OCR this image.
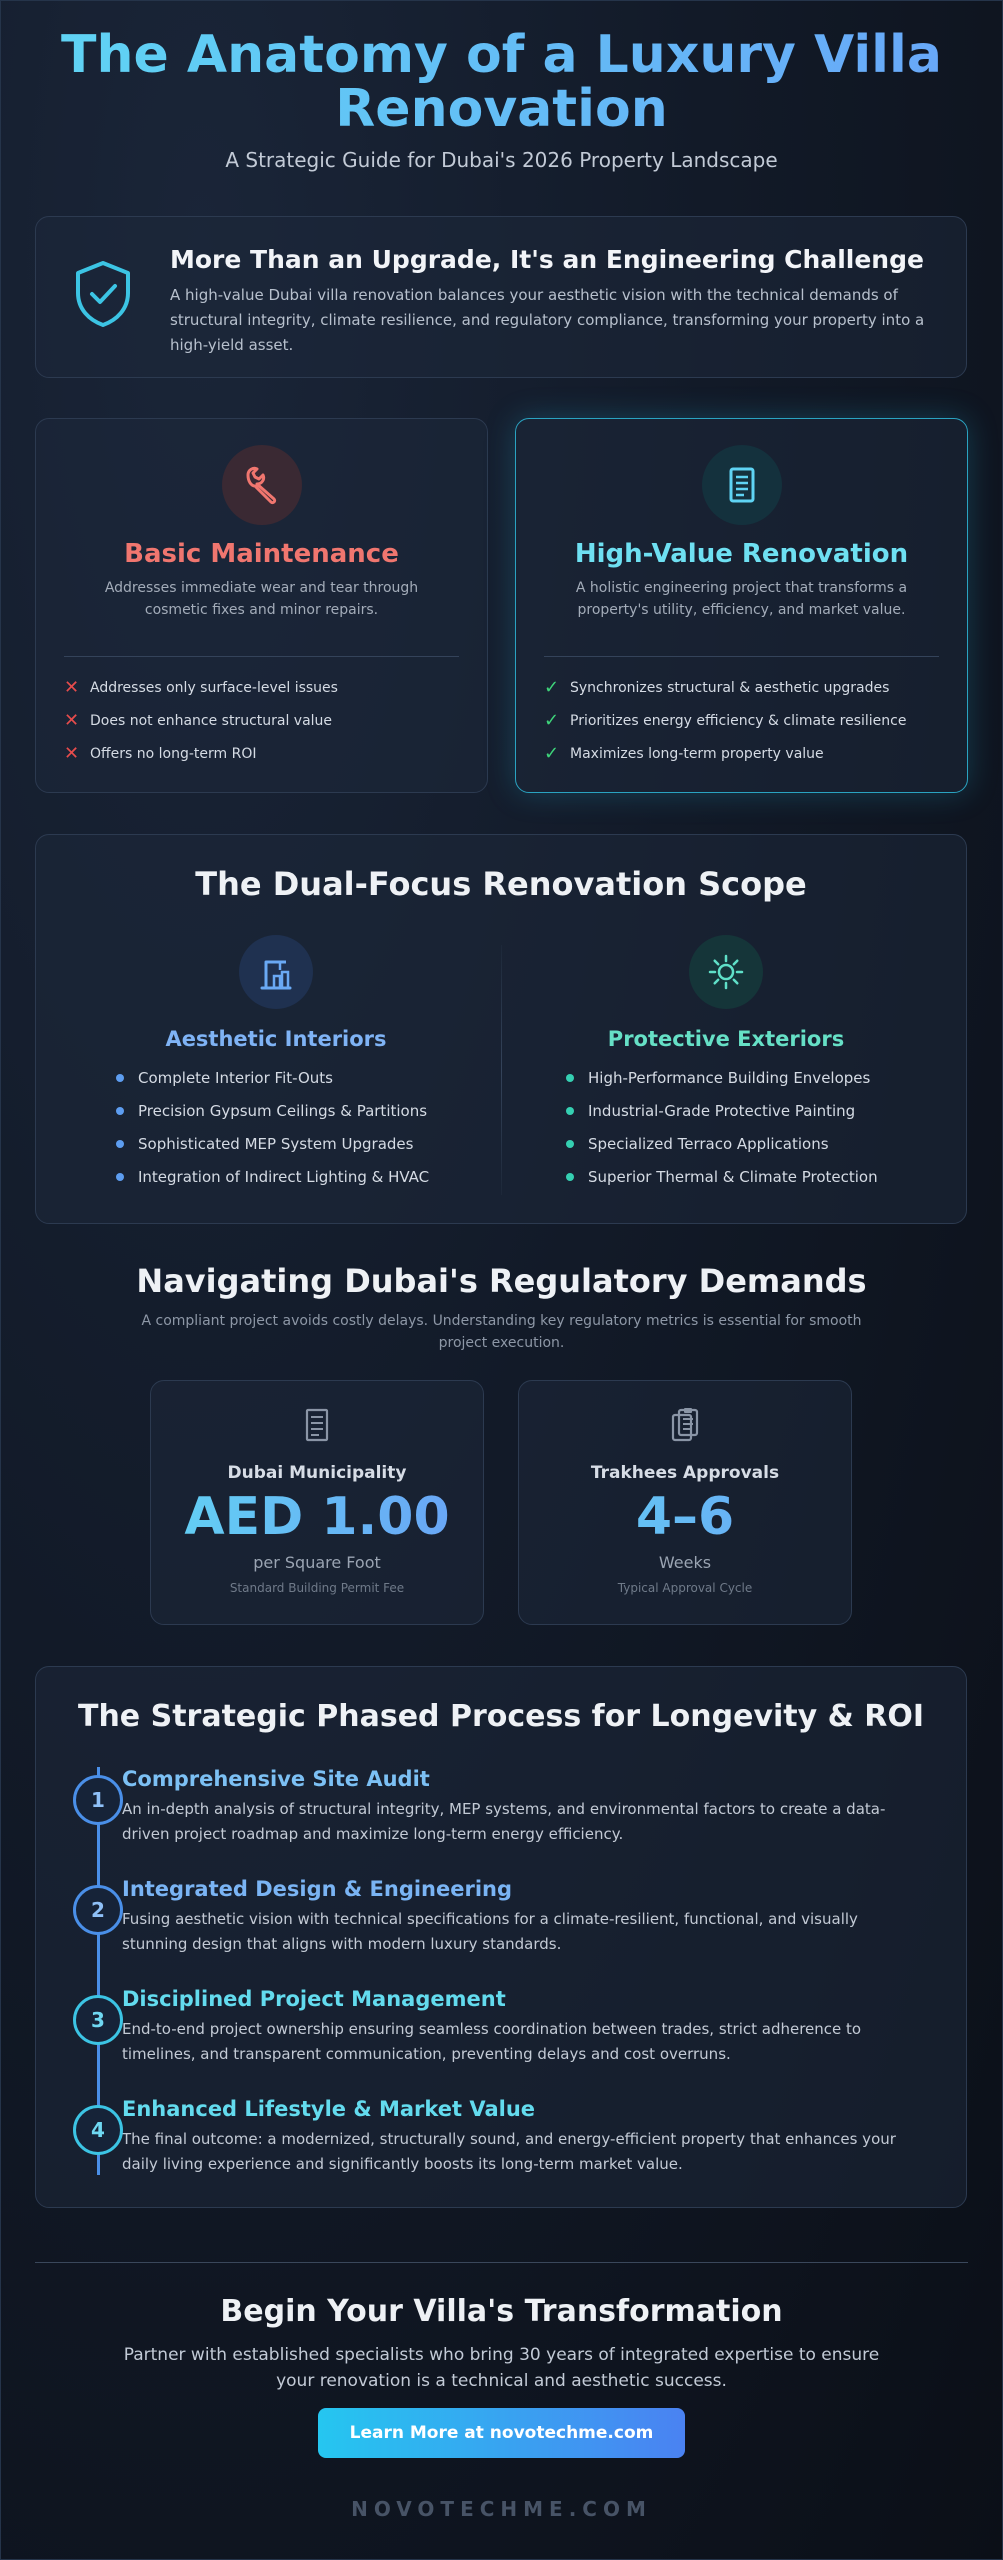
The Anatomy of a Luxury Villa Renovation
A Strategic Guide for Dubai's 2026 Property Landscape
More Than an Upgrade, It's an Engineering Challenge

A high-value Dubai villa renovation balances your aesthetic vision with the technical demands of structural integrity, climate resilience, and regulatory compliance, transforming your property into a high-yield asset.

Basic Maintenance
Addresses immediate wear and tear through cosmetic fixes and minor repairs.
✕ Addresses only surface-level issues
✕ Does not enhance structural value
✕ Offers no long-term ROI
High-Value Renovation
A holistic engineering project that transforms a property's utility, efficiency, and market value.
✓ Synchronizes structural & aesthetic upgrades
✓ Prioritizes energy efficiency & climate resilience
✓ Maximizes long-term property value
The Dual-Focus Renovation Scope
Aesthetic Interiors
Complete Interior Fit-Outs
Precision Gypsum Ceilings & Partitions
Sophisticated MEP System Upgrades
Integration of Indirect Lighting & HVAC
Protective Exteriors
High-Performance Building Envelopes
Industrial-Grade Protective Painting
Specialized Terraco Applications
Superior Thermal & Climate Protection
Navigating Dubai's Regulatory Demands

A compliant project avoids costly delays. Understanding key regulatory metrics is essential for smooth project execution.

Dubai Municipality
AED 1.00
per Square Foot
Standard Building Permit Fee
Trakhees Approvals
4–6
Weeks
Typical Approval Cycle
The Strategic Phased Process for Longevity & ROI
Comprehensive Site Audit

An in-depth analysis of structural integrity, MEP systems, and environmental factors to create a data-driven project roadmap and maximize long-term energy efficiency.

1
Integrated Design & Engineering

Fusing aesthetic vision with technical specifications for a climate-resilient, functional, and visually stunning design that aligns with modern luxury standards.

2
Disciplined Project Management

End-to-end project ownership ensuring seamless coordination between trades, strict adherence to timelines, and transparent communication, preventing delays and cost overruns.

3
Enhanced Lifestyle & Market Value

The final outcome: a modernized, structurally sound, and energy-efficient property that enhances your daily living experience and significantly boosts its long-term market value.

4
Begin Your Villa's Transformation

Partner with established specialists who bring 30 years of integrated expertise to ensure your renovation is a technical and aesthetic success.

Learn More at novotechme.com
NOVOTECHME.COM
